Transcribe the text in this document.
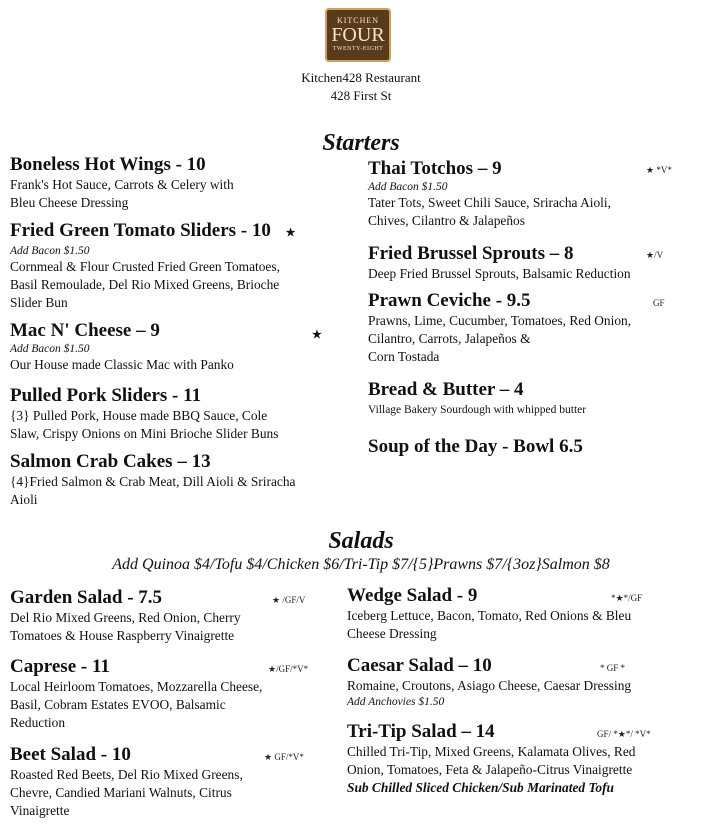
KITCHEN
FOUR
TWENTY-EIGHT
Kitchen428 Restaurant
428 First St
Starters
Boneless Hot Wings - 10
Frank's Hot Sauce, Carrots & Celery with
Bleu Cheese Dressing
Fried Green Tomato Sliders - 10 ★
Add Bacon $1.50
Cornmeal & Flour Crusted Fried Green Tomatoes,
Basil Remoulade, Del Rio Mixed Greens, Brioche
Slider Bun
Mac N' Cheese – 9	★
Add Bacon $1.50
Our House made Classic Mac with Panko
Pulled Pork Sliders - 11
{3} Pulled Pork, House made BBQ Sauce, Cole
Slaw, Crispy Onions on Mini Brioche Slider Buns
Salmon Crab Cakes – 13
{4}Fried Salmon & Crab Meat, Dill Aioli & Sriracha
Aioli
Thai Totchos – 9	★ *V*
Add Bacon $1.50
Tater Tots, Sweet Chili Sauce, Sriracha Aioli,
Chives, Cilantro & Jalapeños
Fried Brussel Sprouts – 8	★/V
Deep Fried Brussel Sprouts, Balsamic Reduction
Prawn Ceviche - 9.5	GF
Prawns, Lime, Cucumber, Tomatoes, Red Onion,
Cilantro, Carrots, Jalapeños &
Corn Tostada
Bread & Butter – 4
Village Bakery Sourdough with whipped butter
Soup of the Day - Bowl 6.5
Salads
Add Quinoa $4/Tofu $4/Chicken $6/Tri-Tip $7/{5}Prawns $7/{3oz}Salmon $8
Garden Salad - 7.5	★ /GF/V
Del Rio Mixed Greens, Red Onion, Cherry
Tomatoes & House Raspberry Vinaigrette
Caprese - 11	★/GF/*V*
Local Heirloom Tomatoes, Mozzarella Cheese,
Basil, Cobram Estates EVOO, Balsamic
Reduction
Beet Salad - 10	★ GF/*V*
Roasted Red Beets, Del Rio Mixed Greens,
Chevre, Candied Mariani Walnuts, Citrus
Vinaigrette
Wedge Salad - 9	*★*/GF
Iceberg Lettuce, Bacon, Tomato, Red Onions & Bleu
Cheese Dressing
Caesar Salad – 10	* GF *
Romaine, Croutons, Asiago Cheese, Caesar Dressing
Add Anchovies $1.50
Tri-Tip Salad – 14	GF/ *★*/ *V*
Chilled Tri-Tip, Mixed Greens, Kalamata Olives, Red
Onion, Tomatoes, Feta & Jalapeño-Citrus Vinaigrette
Sub Chilled Sliced Chicken/Sub Marinated Tofu
